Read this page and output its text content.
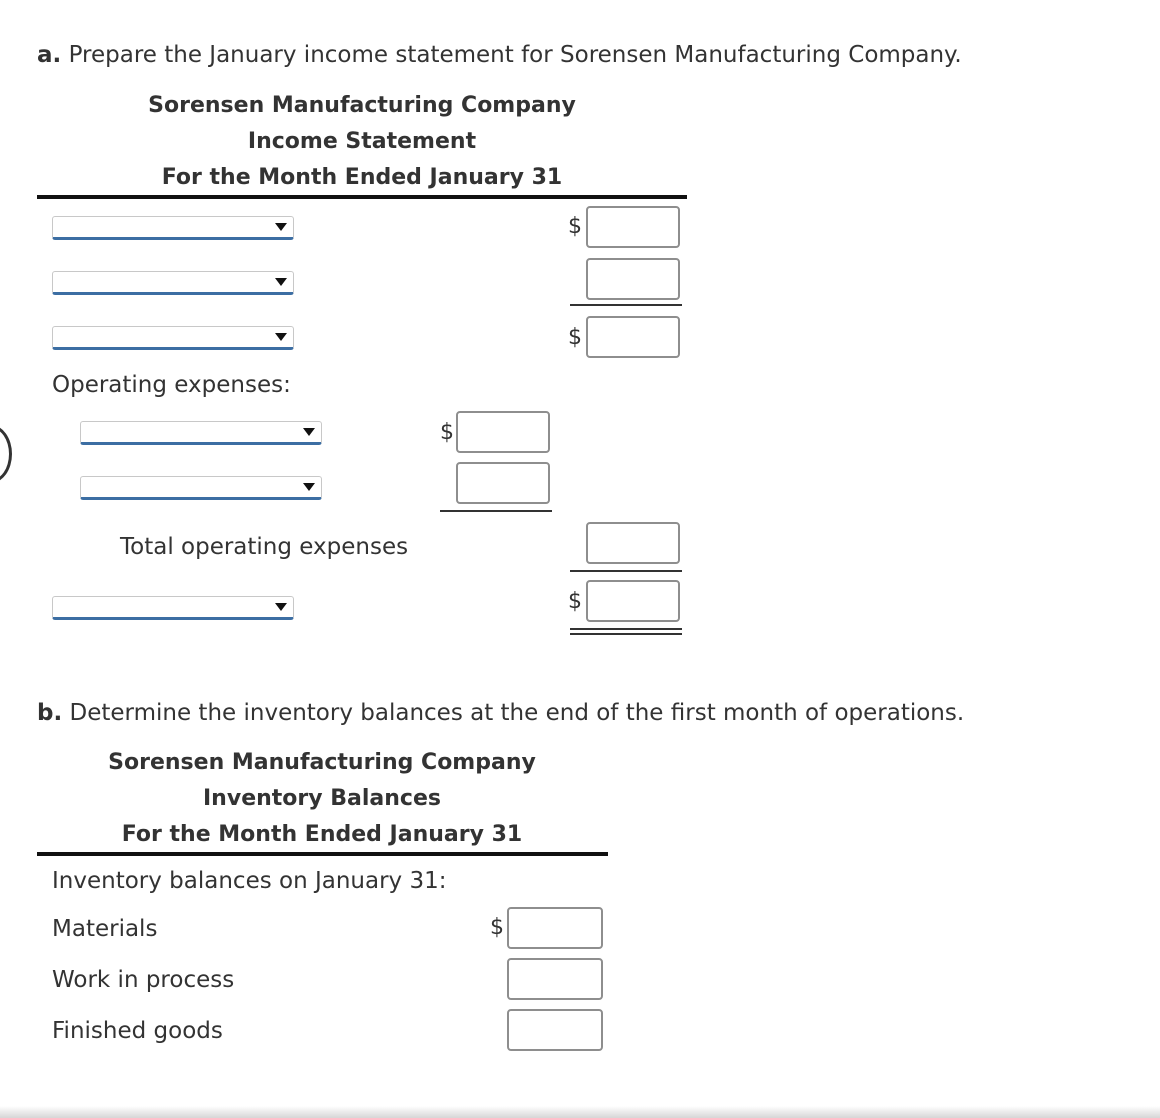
a. Prepare the January income statement for Sorensen Manufacturing Company.
Sorensen Manufacturing Company
Income Statement
For the Month Ended January 31
$
$
Operating expenses:
$
Total operating expenses
$
b. Determine the inventory balances at the end of the first month of operations.
Sorensen Manufacturing Company
Inventory Balances
For the Month Ended January 31
Inventory balances on January 31:
Materials	$
Work in process
Finished goods
